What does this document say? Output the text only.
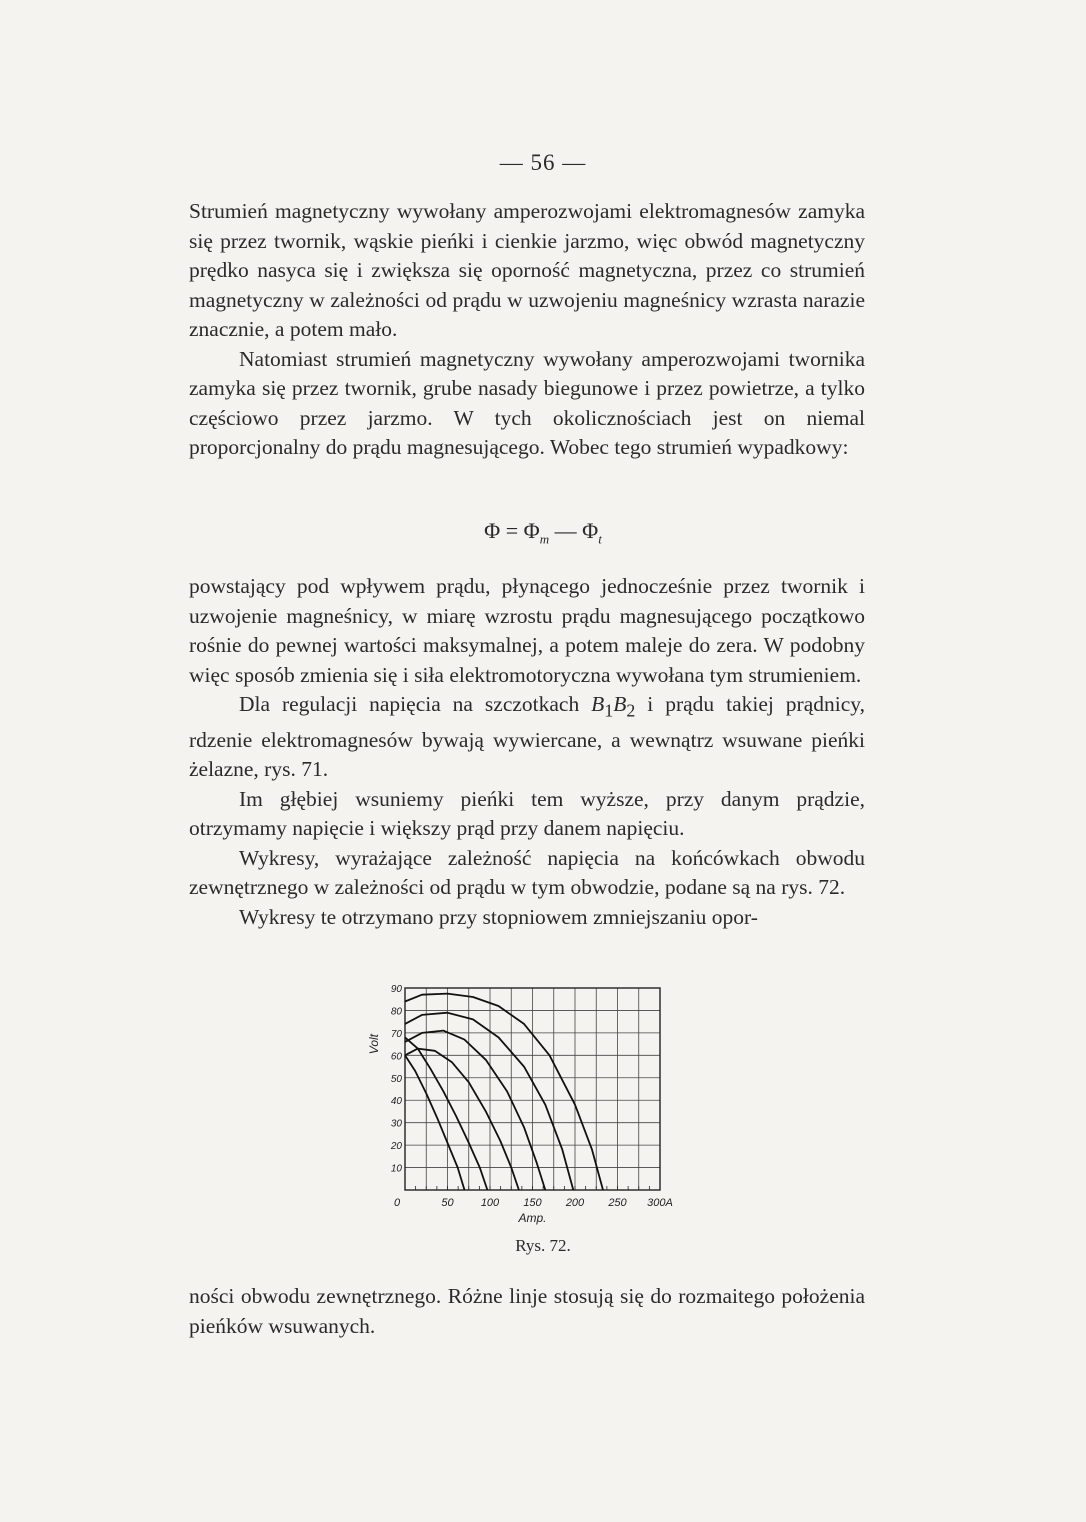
— 56 —

Strumień magnetyczny wywołany amperozwojami elektromagnesów zamyka się przez twornik, wąskie pieńki i cienkie jarzmo, więc obwód magnetyczny prędko nasyca się i zwiększa się oporność magnetyczna, przez co strumień magnetyczny w zależności od prądu w uzwojeniu magneśnicy wzrasta narazie znacznie, a potem mało.

Natomiast strumień magnetyczny wywołany amperozwojami twornika zamyka się przez twornik, grube nasady biegunowe i przez powietrze, a tylko częściowo przez jarzmo. W tych okolicznościach jest on niemal proporcjonalny do prądu magnesującego. Wobec tego strumień wypadkowy:

$\Phi = \Phi_m$ — $\Phi_t$

powstający pod wpływem prądu, płynącego jednocześnie przez twornik i uzwojenie magneśnicy, w miarę wzrostu prądu magnesującego początkowo rośnie do pewnej wartości maksymalnej, a potem maleje do zera. W podobny więc sposób zmienia się i siła elektromotoryczna wywołana tym strumieniem.

Dla regulacji napięcia na szczotkach $B_1B_2$ i prądu takiej prądnicy, rdzenie elektromagnesów bywają wywiercane, a wewnątrz wsuwane pieńki żelazne, rys. 71.

Im głębiej wsuniemy pieńki tem wyższe, przy danym prądzie, otrzymamy napięcie i większy prąd przy danem napięciu.

Wykresy, wyrażające zależność napięcia na końcówkach obwodu zewnętrznego w zależności od prądu w tym obwodzie, podane są na rys. 72.

Wykresy te otrzymano przy stopniowem zmniejszaniu opor-

0	50 100 150 200 250 300A
10
20
30
40
50
60
70
80
90
Amp.
Volt
Rys. 72.

ności obwodu zewnętrznego. Różne linje stosują się do rozmaitego położenia pieńków wsuwanych.
